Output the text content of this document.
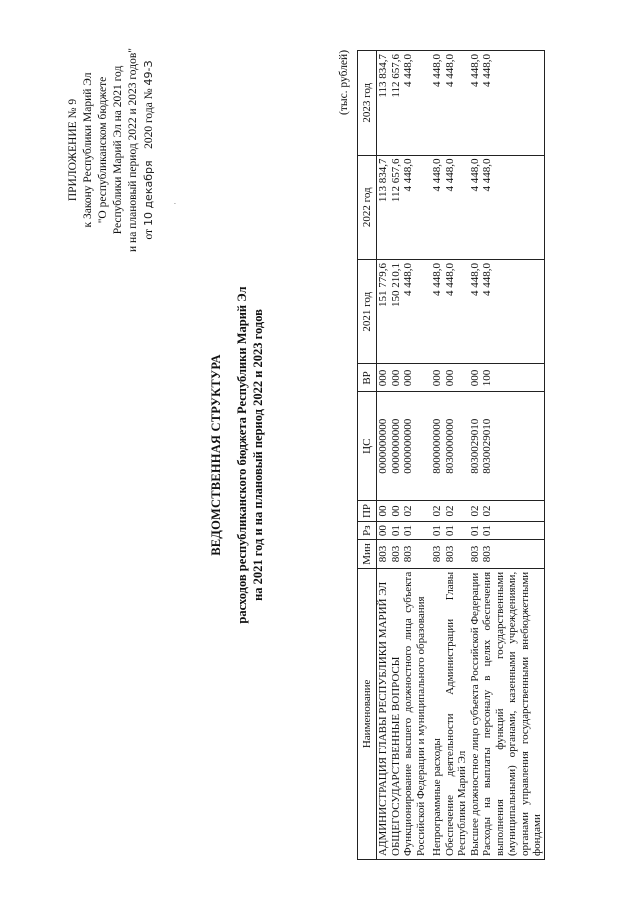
·
ПРИЛОЖЕНИЕ № 9 к Закону Республики Марий Эл "О республиканском бюджете Республики Марий Эл на 2021 год и на плановый период 2022 и 2023 годов" от 10 декабря    2020 года № 49-З
ВЕДОМСТВЕННАЯ СТРУКТУРА расходов республиканского бюджета Республики Марий Эл на 2021 год и на плановый период 2022 и 2023 годов
(тыс. рублей)
Наименование	Мин	Рз	ПР	ЦС	ВР	2021 год	2022 год	2023 год
АДМИНИСТРАЦИЯ ГЛАВЫ РЕСПУБЛИКИ МАРИЙ ЭЛ	803	00	00	0000000000	000	151 779,6	113 834,7	113 834,7
ОБЩЕГОСУДАРСТВЕННЫЕ ВОПРОСЫ	803	01	00	0000000000	000	150 210,1	112 657,6	112 657,6
Функционирование высшего должностного лица субъекта Российской Федерации и муниципального образования	803	01	02	0000000000	000	4 448,0	4 448,0	4 448,0

Непрограммные расходы	803	01	02	8000000000	000	4 448,0	4 448,0	4 448,0
Обеспечение деятельности Администрации Главы Республики Марий Эл	803	01	02	8030000000	000	4 448,0	4 448,0	4 448,0
Высшее должностное лицо субъекта Российской Федерации	803	01	02	8030029010	000	4 448,0	4 448,0	4 448,0
Расходы на выплаты персоналу в целях обеспечения выполнения функций государственными (муниципальными) органами, казенными учреждениями, органами управления государственными внебюджетными фондами	803	01	02	8030029010	100	4 448,0	4 448,0	4 448,0
